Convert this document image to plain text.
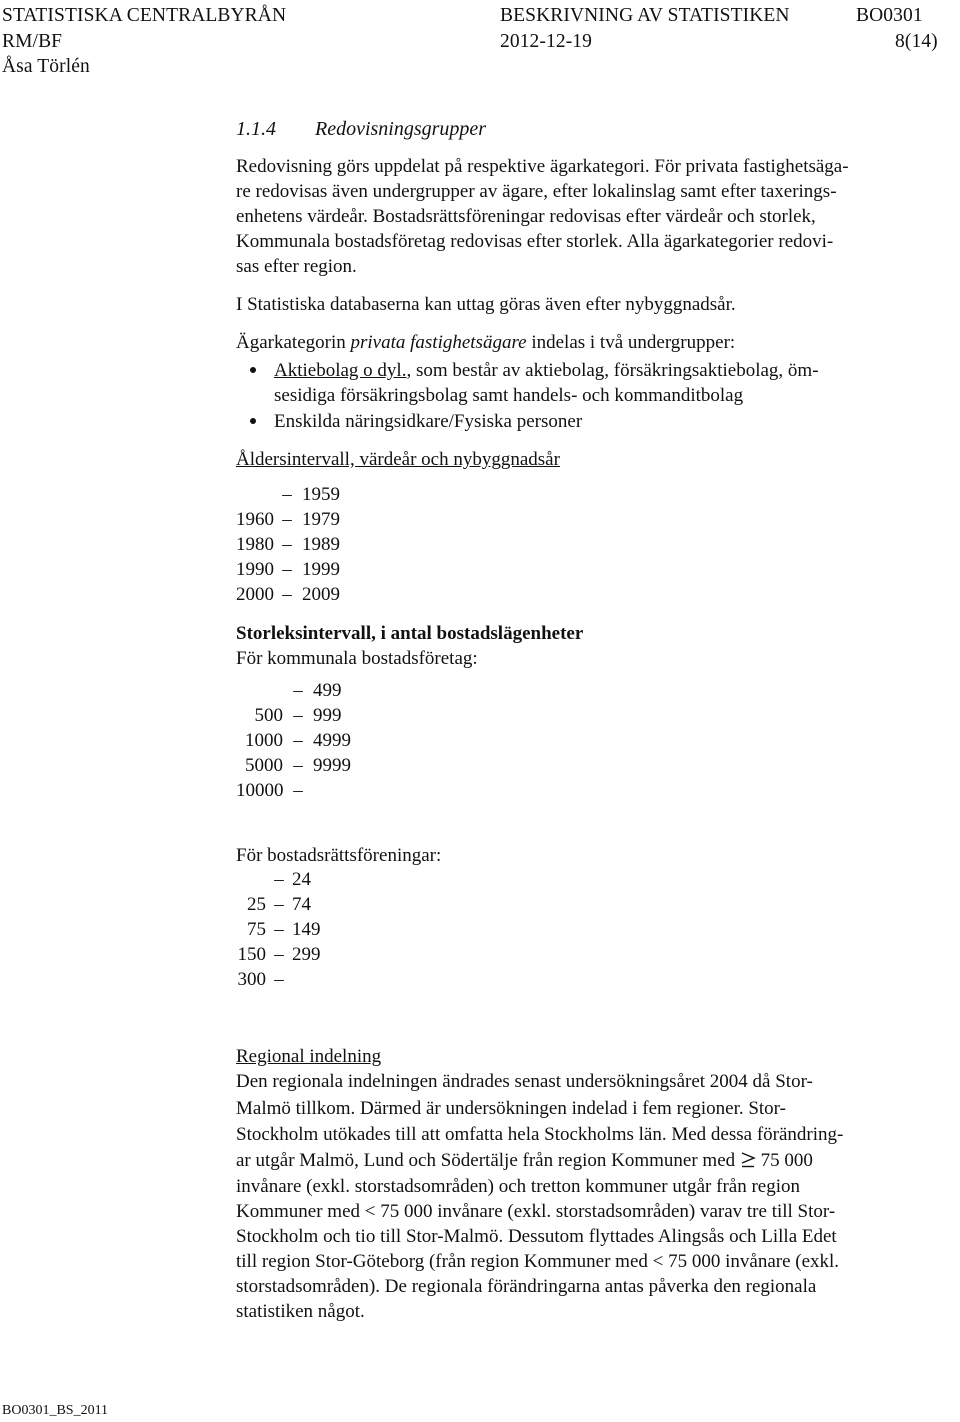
STATISTISKA CENTRALBYRÅN	BESKRIVNING AV STATISTIKEN	BO0301
RM/BF	2012-12-19	8(14)
Åsa Törlén
1.1.4 Redovisningsgrupper
Redovisning görs uppdelat på respektive ägarkategori. För privata fastighetsäga-
re redovisas även undergrupper av ägare, efter lokalinslag samt efter taxerings-
enhetens värdeår. Bostadsrättsföreningar redovisas efter värdeår och storlek,
Kommunala bostadsföretag redovisas efter storlek. Alla ägarkategorier redovi-
sas efter region.
I Statistiska databaserna kan uttag göras även efter nybyggnadsår.
Ägarkategorin privata fastighetsägare indelas i två undergrupper:
Aktiebolag o dyl., som består av aktiebolag, försäkringsaktiebolag, öm-
sesidiga försäkringsbolag samt handels- och kommanditbolag
Enskilda näringsidkare/Fysiska personer
Åldersintervall, värdeår och nybyggnadsår
– 1959
1960 – 1979
1980 – 1989
1990 – 1999
2000 – 2009
Storleksintervall, i antal bostadslägenheter
För kommunala bostadsföretag:
– 499
500 – 999
1000 – 4999
5000 – 9999
10000 –
För bostadsrättsföreningar:
– 24
25 – 74
75 – 149
150 – 299
300 –
Regional indelning
Den regionala indelningen ändrades senast undersökningsåret 2004 då Stor-
Malmö tillkom. Därmed är undersökningen indelad i fem regioner. Stor-
Stockholm utökades till att omfatta hela Stockholms län. Med dessa förändring-
ar utgår Malmö, Lund och Södertälje från region Kommuner med  75 000
invånare (exkl. storstadsområden) och tretton kommuner utgår från region
Kommuner med < 75 000 invånare (exkl. storstadsområden) varav tre till Stor-
Stockholm och tio till Stor-Malmö. Dessutom flyttades Alingsås och Lilla Edet
till region Stor-Göteborg (från region Kommuner med < 75 000 invånare (exkl.
storstadsområden). De regionala förändringarna antas påverka den regionala
statistiken något.
BO0301_BS_2011
